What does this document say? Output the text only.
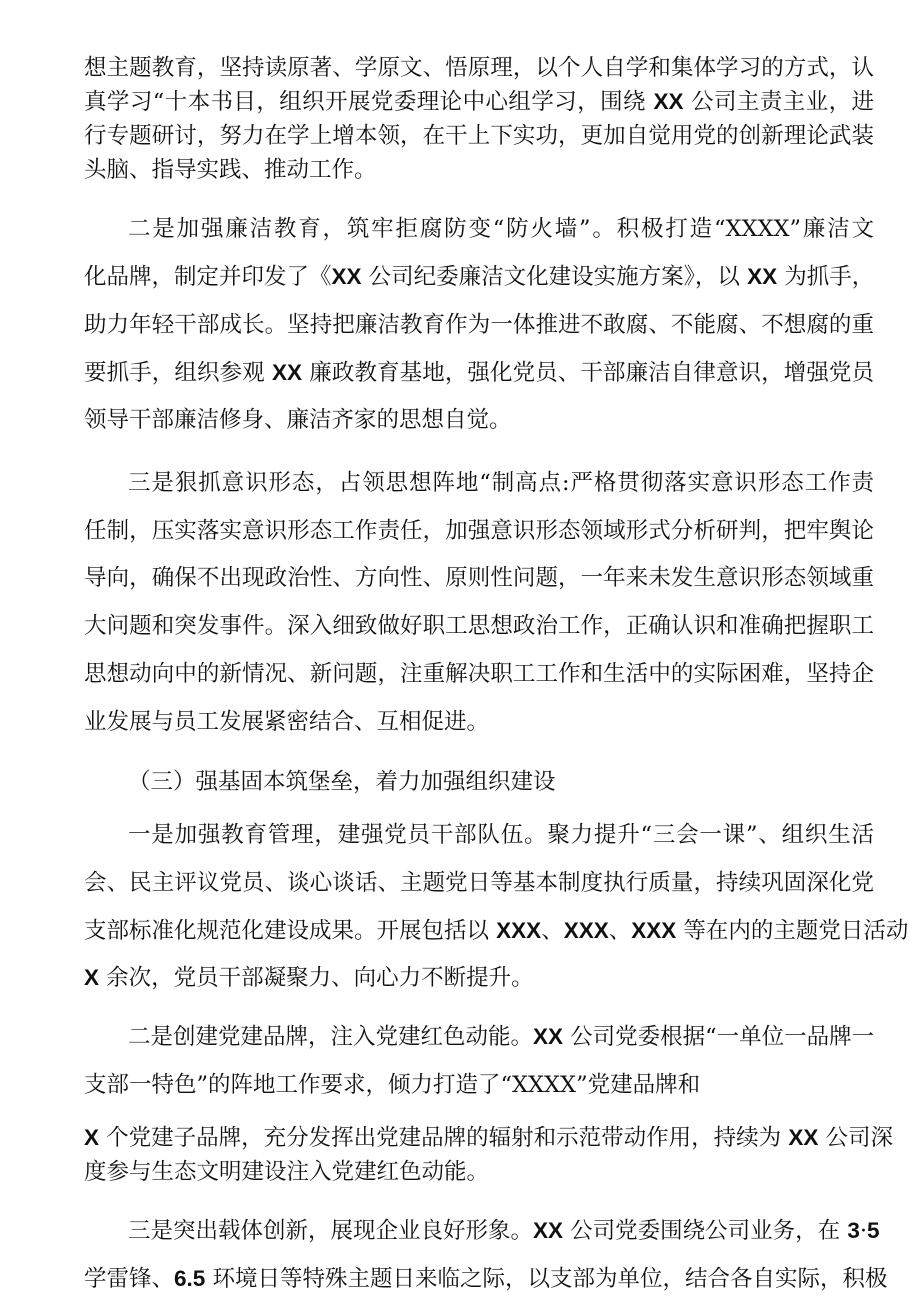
想主题教育，坚持读原著、学原文、悟原理，以个人自学和集体学习的方式，认
真学习“十本书目，组织开展党委理论中心组学习，围绕 XX 公司主责主业，进
行专题研讨，努力在学上增本领，在干上下实功，更加自觉用党的创新理论武装
头脑、指导实践、推动工作。
二是加强廉洁教育，筑牢拒腐防变“防火墙”。积极打造“XXXX”廉洁文
化品牌，制定并印发了《XX 公司纪委廉洁文化建设实施方案》，以 XX 为抓手，
助力年轻干部成长。坚持把廉洁教育作为一体推进不敢腐、不能腐、不想腐的重
要抓手，组织参观 XX 廉政教育基地，强化党员、干部廉洁自律意识，增强党员
领导干部廉洁修身、廉洁齐家的思想自觉。
三是狠抓意识形态，占领思想阵地“制高点:严格贯彻落实意识形态工作责
任制，压实落实意识形态工作责任，加强意识形态领域形式分析研判，把牢舆论
导向，确保不出现政治性、方向性、原则性问题，一年来未发生意识形态领域重
大问题和突发事件。深入细致做好职工思想政治工作，正确认识和准确把握职工
思想动向中的新情况、新问题，注重解决职工工作和生活中的实际困难，坚持企
业发展与员工发展紧密结合、互相促进。
（三）强基固本筑堡垒，着力加强组织建设
一是加强教育管理，建强党员干部队伍。聚力提升“三会一课”、组织生活
会、民主评议党员、谈心谈话、主题党日等基本制度执行质量，持续巩固深化党
支部标准化规范化建设成果。开展包括以 XXX、XXX、XXX 等在内的主题党日活动
X 余次，党员干部凝聚力、向心力不断提升。
二是创建党建品牌，注入党建红色动能。XX 公司党委根据“一单位一品牌一
支部一特色”的阵地工作要求，倾力打造了“XXXX”党建品牌和
X 个党建子品牌，充分发挥出党建品牌的辐射和示范带动作用，持续为 XX 公司深
度参与生态文明建设注入党建红色动能。
三是突出载体创新，展现企业良好形象。XX 公司党委围绕公司业务，在 3·5
学雷锋、6.5 环境日等特殊主题日来临之际，以支部为单位，结合各自实际，积极
